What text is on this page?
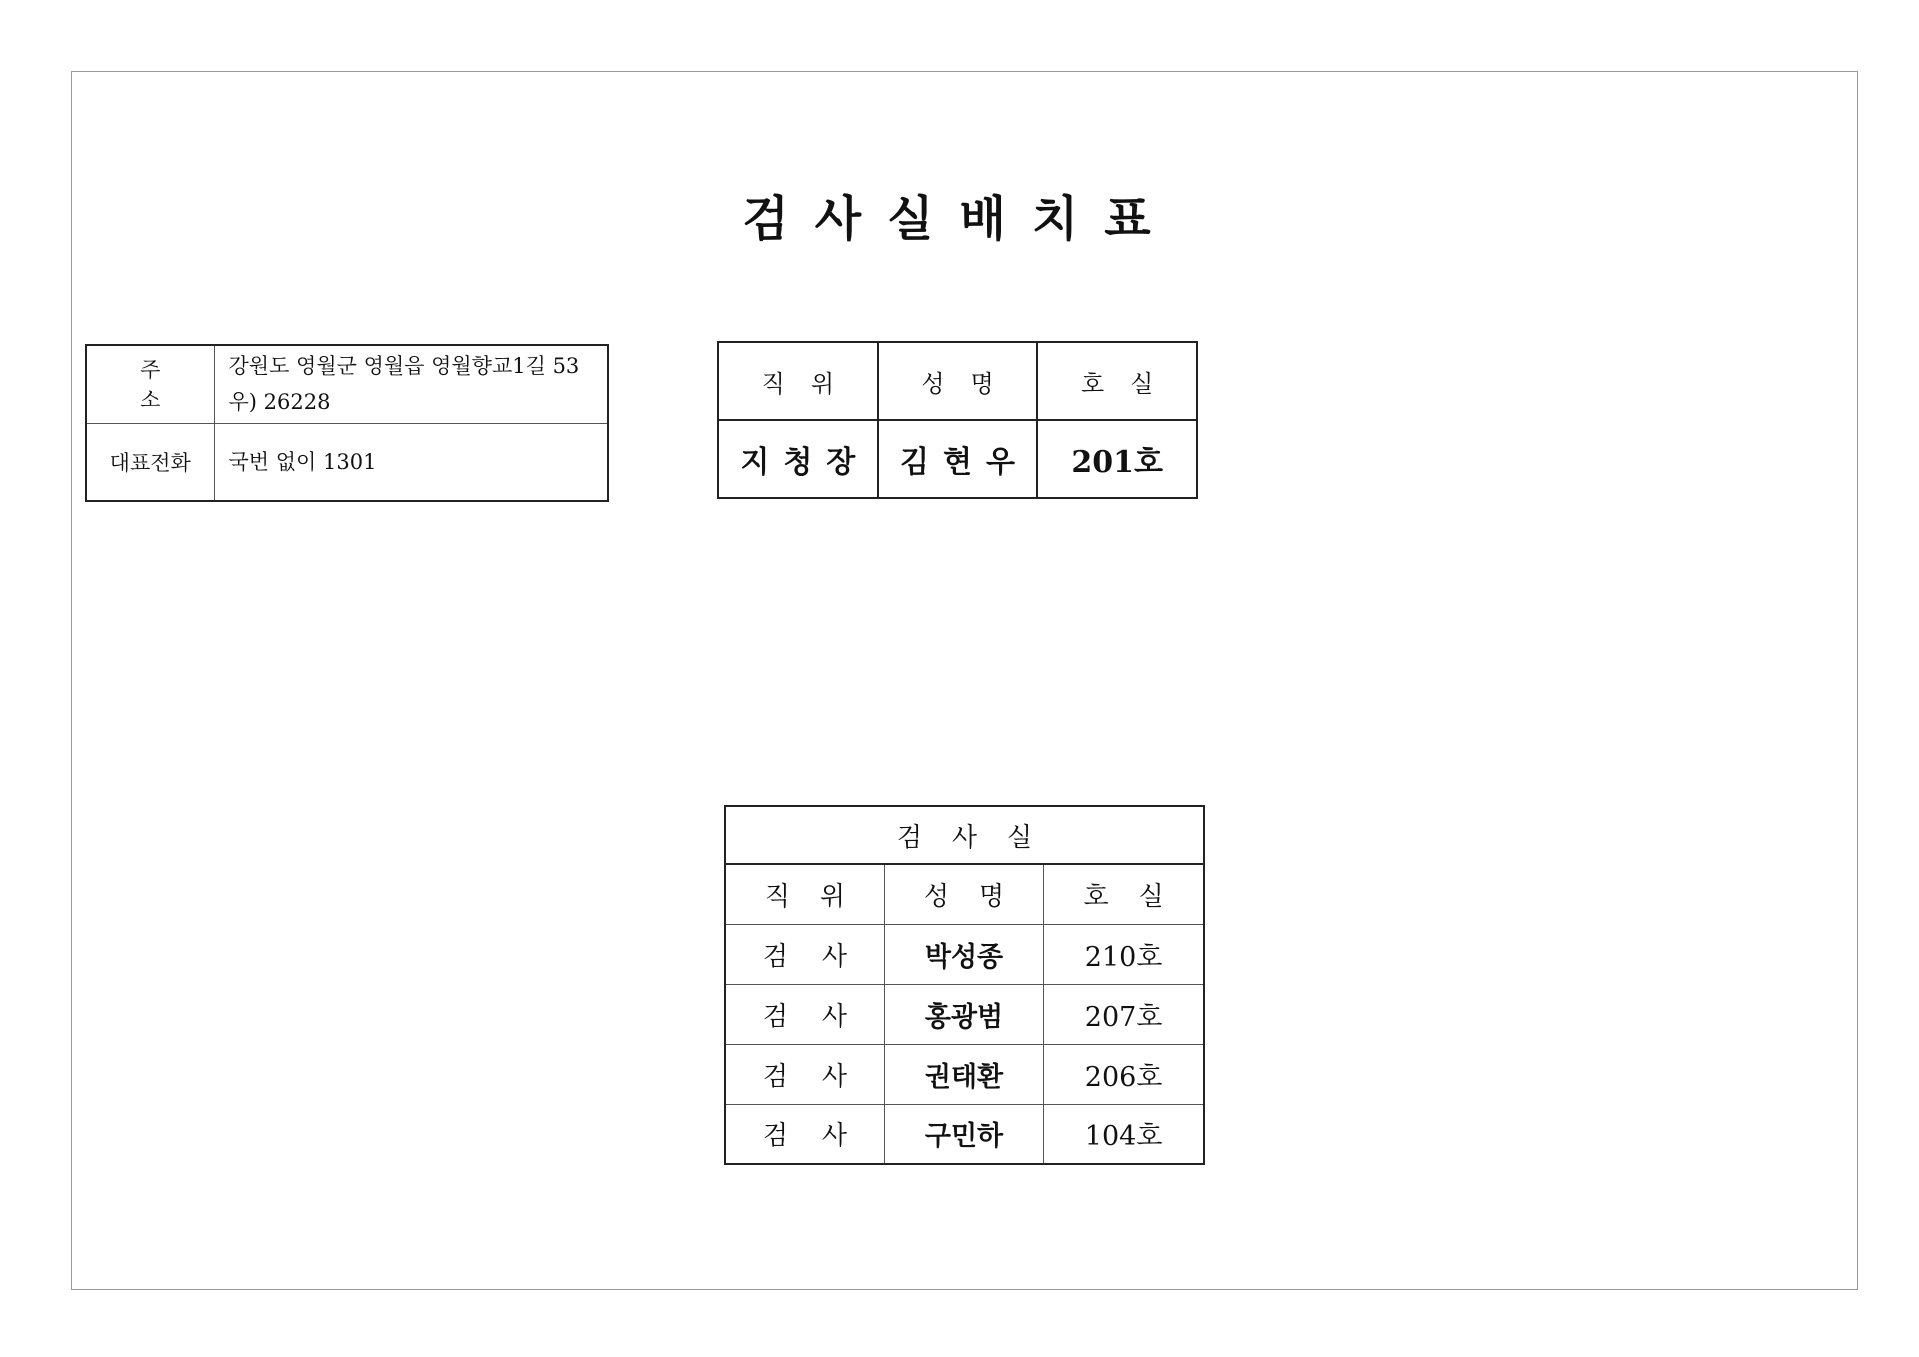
검사실배치표
주소	강원도 영월군 영월읍 영월향교1길 53
우) 26228

대표전화	국번 없이 1301
직위	성명	호실
지청장	김현우	201호
검사실		
직위	성명	호실
검사	박성종	210호
검사	홍광범	207호
검사	권태환	206호
검사	구민하	104호
